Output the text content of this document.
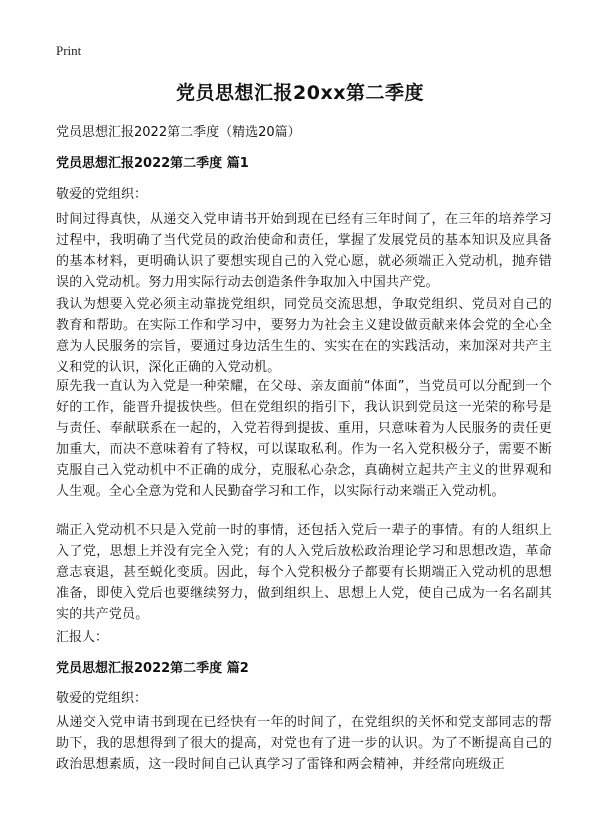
Print
党员思想汇报20xx第二季度
党员思想汇报2022第二季度（精选20篇）
党员思想汇报2022第二季度 篇1
敬爱的党组织：
时间过得真快，从递交入党申请书开始到现在已经有三年时间了，在三年的培养学习过程中，我明确了当代党员的政治使命和责任，掌握了发展党员的基本知识及应具备的基本材料，更明确认识了要想实现自己的入党心愿，就必须端正入党动机，抛弃错误的入党动机。努力用实际行动去创造条件争取加入中国共产党。
我认为想要入党必须主动靠拢党组织，同党员交流思想，争取党组织、党员对自己的教育和帮助。在实际工作和学习中，要努力为社会主义建设做贡献来体会党的全心全意为人民服务的宗旨，要通过身边活生生的、实实在在的实践活动，来加深对共产主义和党的认识，深化正确的入党动机。
原先我一直认为入党是一种荣耀，在父母、亲友面前“体面”，当党员可以分配到一个好的工作，能晋升提拔快些。但在党组织的指引下，我认识到党员这一光荣的称号是与责任、奉献联系在一起的，入党若得到提拔、重用，只意味着为人民服务的责任更加重大，而决不意味着有了特权，可以谋取私利。作为一名入党积极分子，需要不断克服自己入党动机中不正确的成分，克服私心杂念，真确树立起共产主义的世界观和人生观。全心全意为党和人民勤奋学习和工作，以实际行动来端正入党动机。
端正入党动机不只是入党前一时的事情，还包括入党后一辈子的事情。有的人组织上入了党，思想上并没有完全入党；有的人入党后放松政治理论学习和思想改造，革命意志衰退，甚至蜕化变质。因此，每个入党积极分子都要有长期端正入党动机的思想准备，即使入党后也要继续努力，做到组织上、思想上人党，使自己成为一名名副其实的共产党员。
汇报人：
党员思想汇报2022第二季度 篇2
敬爱的党组织：
从递交入党申请书到现在已经快有一年的时间了，在党组织的关怀和党支部同志的帮助下，我的思想得到了很大的提高，对党也有了进一步的认识。为了不断提高自己的政治思想素质，这一段时间自己认真学习了雷锋和两会精神，并经常向班级正
